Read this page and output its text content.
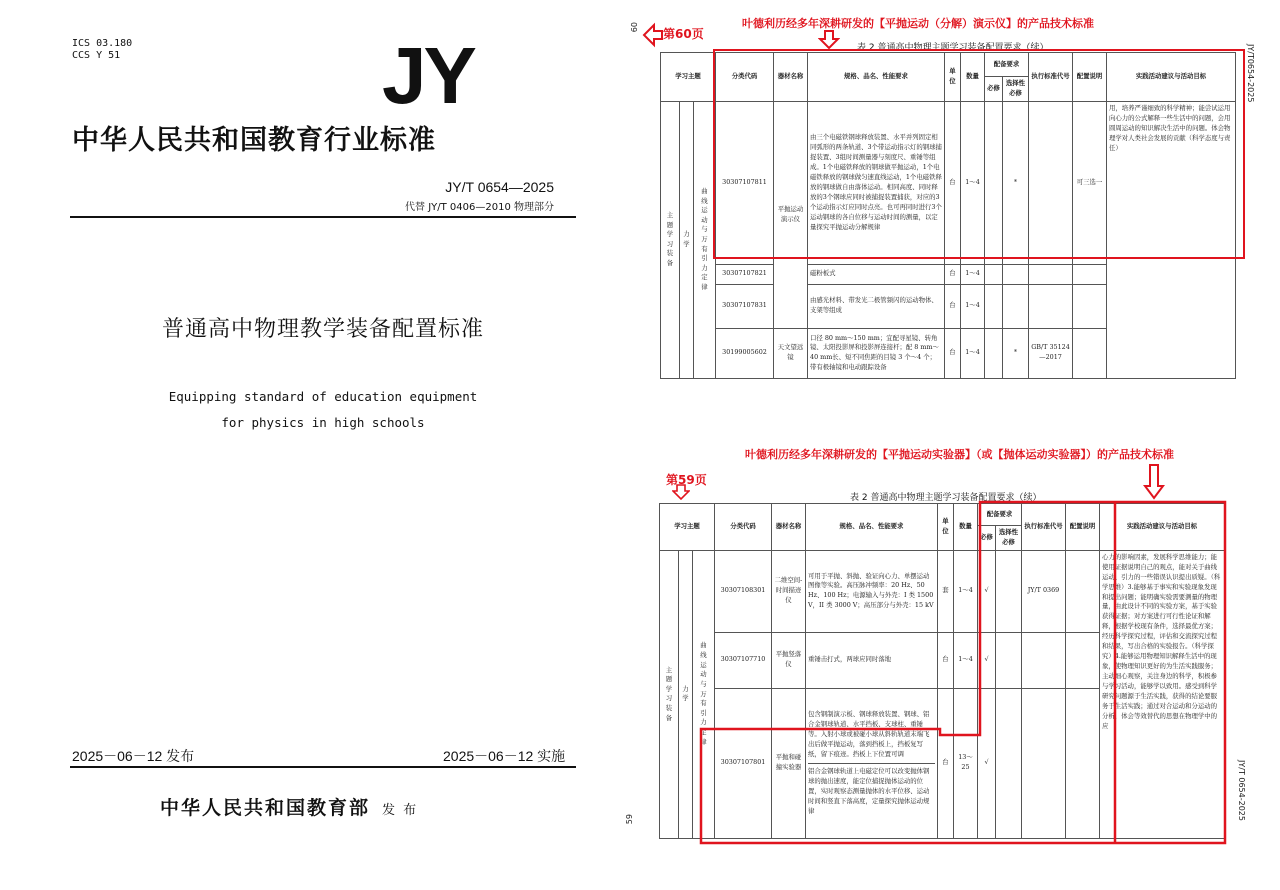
ICS 03.180
CCS Y 51	JY
中华人民共和国教育行业标准
JY/T 0654—2025
代替 JY/T 0406—2010 物理部分
普通高中物理教学装备配置标准
Equipping standard of education equipment
for physics in high schools
2025－06－12 发布	2025－06－12 实施
中华人民共和国教育部 发 布
叶德利历经多年深耕研发的【平抛运动（分解）演示仪】的产品技术标准
第60页
60
表 2 普通高中物理主题学习装备配置要求（续）	JY/T0654-2025
学习主题			分类代码	器材名称	规格、品名、性能要求	单位	数量	配备要求		执行标准代号	配置说明	实践活动建议与活动目标
								必修	选择性必修			

主题学习装备	力学	曲线运动与万有引力定律	30307107811	平抛运动演示仪	由三个电磁铁钢球释放装置、水平并列固定相同弧形的两条轨道、3个带运动指示灯的钢球捕捉装置、3组时间测量器与刻度尺、重锤等组成。1个电磁铁释放的钢球做平抛运动，1个电磁铁释放的钢球做匀速直线运动，1个电磁铁释放的钢球做自由落体运动。相同高度、同时释放的3个钢球应同时被捕捉装置捕获，对应的3个运动指示灯应同时点亮。也可再同时进行3个运动钢球的各自位移与运动时间的测量，以定量探究平抛运动分解规律	台	1～4		*		可三选一	用，培养严谨细致的科学精神；能尝试运用向心力的公式解释一些生活中的问题，会用圆周运动的知识解决生活中的问题。体会物理学对人类社会发展的贡献（科学态度与责任）
			30307107821		磁粉板式	台	1～4					
			30307107831		由感光材料、带发光二极管频闪的运动物体、支架等组成	台	1～4					
			30199005602	天文望远镜	口径 80 mm～150 mm；宜配寻星镜、转角镜、太阳投影屏和投影屏连接杆；配 8 mm～40 mm长、短不同焦距的目镜 3 个～4 个；带有极轴镜和电动跟踪设备	台	1～4		*	GB/T 35124—2017		
叶德利历经多年深耕研发的【平抛运动实验器】（或【抛体运动实验器】）的产品技术标准
第59页
表 2 普通高中物理主题学习装备配置要求（续）
JY/T 0654-2025
59
学习主题			分类代码	器材名称	规格、品名、性能要求	单位	数量	配备要求		执行标准代号	配置说明	实践活动建议与活动目标
								必修	选择性必修			

主题学习装备	力学	曲线运动与万有引力定律	30307108301	二维空间-时间描迹仪	可用于平抛、斜抛、验证向心力、单摆运动图像等实验。高压脉冲频率：20 Hz、50 Hz、100 Hz；电源输入与外壳：I 类 1500 V，II 类 3000 V；高压部分与外壳：15 kV	套	1～4	√		JY/T 0369		心力的影响因素，发展科学思维能力；能使用证据说明自己的观点，能对关于曲线运动、引力的一些错误认识提出质疑。（科学思维）3.能够基于事实和实验现象发现和提出问题；能明确实验需要测量的物理量，由此设计不同的实验方案，基于实验获得证据；对方案进行可行性论证和解释，根据学校现有条件，选择最优方案；经历科学探究过程，评估和交流探究过程和结果，写出合格的实验报告。（科学探究）4.能够运用物理知识解释生活中的现象，使物理知识更好的为生活实践服务；主动细心观察，关注身边的科学，积极参与学习活动，能够学以致用。感受到科学研究问题源于生活实践，获得的结论要服务于生活实践；通过对合运动和分运动的分析，体会等效替代的思想在物理学中的应
			30307107710	平抛竖落仪	重锤击打式，两球应同时落地	台	1～4	√				
			30307107801	平抛和碰撞实验器	包含钢制演示板、钢球释放装置、钢球、铝合金钢球轨道、水平挡板、支球柱、重锤等。入射小球或被碰小球从斜轨轨道末端飞出后做平抛运动，落到挡板上，挡板复写纸，留下痕迹。挡板上下位置可调
铝合金钢球轨道上电磁定位可以改变抛体钢球的抛出速度，能定位捕捉抛体运动的位置，实时观察态测量抛体的水平位移、运动时间和竖直下落高度，定量探究抛体运动规律	台	13～25	√				
